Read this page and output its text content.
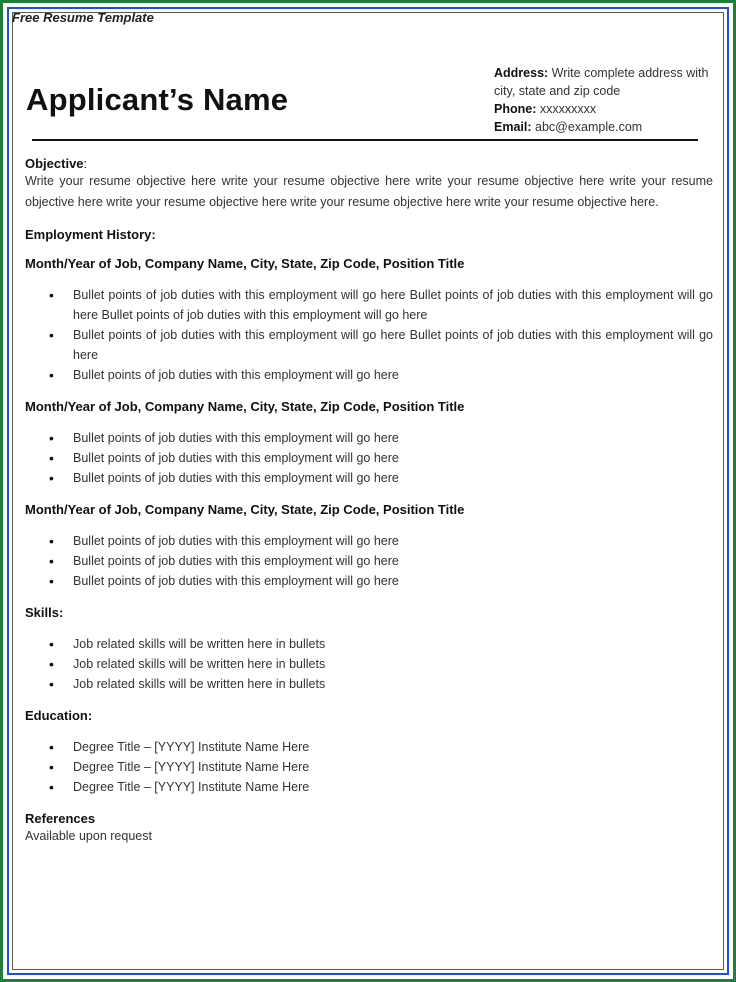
Free Resume Template
Applicant’s Name
Address: Write complete address with city, state and zip code
Phone: xxxxxxxxx
Email: abc@example.com
Objective:

Write your resume objective here write your resume objective here write your resume objective here write your resume objective here write your resume objective here write your resume objective here write your resume objective here.

Employment History:
Month/Year of Job, Company Name, City, State, Zip Code, Position Title
• Bullet points of job duties with this employment will go here Bullet points of job duties with this employment will go here Bullet points of job duties with this employment will go here
• Bullet points of job duties with this employment will go here Bullet points of job duties with this employment will go here
• Bullet points of job duties with this employment will go here
Month/Year of Job, Company Name, City, State, Zip Code, Position Title
• Bullet points of job duties with this employment will go here
• Bullet points of job duties with this employment will go here
• Bullet points of job duties with this employment will go here
Month/Year of Job, Company Name, City, State, Zip Code, Position Title
• Bullet points of job duties with this employment will go here
• Bullet points of job duties with this employment will go here
• Bullet points of job duties with this employment will go here
Skills:
• Job related skills will be written here in bullets
• Job related skills will be written here in bullets
• Job related skills will be written here in bullets
Education:
• Degree Title – [YYYY] Institute Name Here
• Degree Title – [YYYY] Institute Name Here
• Degree Title – [YYYY] Institute Name Here
References

Available upon request
